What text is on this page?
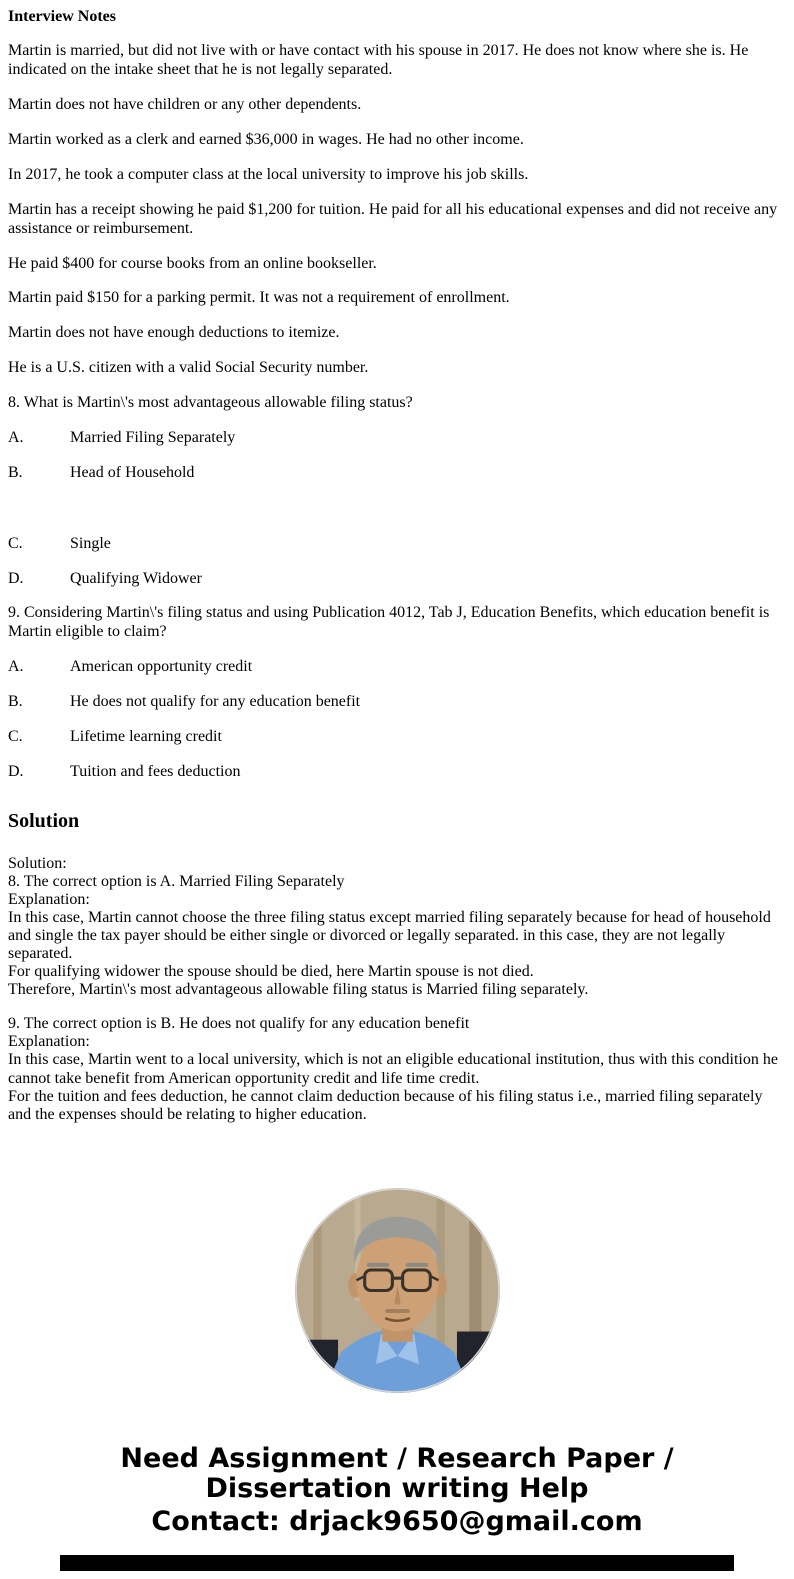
Interview Notes

Martin is married, but did not live with or have contact with his spouse in 2017. He does not know where she is. He indicated on the intake sheet that he is not legally separated.

Martin does not have children or any other dependents.

Martin worked as a clerk and earned $36,000 in wages. He had no other income.

In 2017, he took a computer class at the local university to improve his job skills.

Martin has a receipt showing he paid $1,200 for tuition. He paid for all his educational expenses and did not receive any assistance or reimbursement.

He paid $400 for course books from an online bookseller.

Martin paid $150 for a parking permit. It was not a requirement of enrollment.

Martin does not have enough deductions to itemize.

He is a U.S. citizen with a valid Social Security number.

8. What is Martin\'s most advantageous allowable filing status?

A.	Married Filing Separately

B.	Head of Household

C.	Single

D.	Qualifying Widower

9. Considering Martin\'s filing status and using Publication 4012, Tab J, Education Benefits, which education benefit is Martin eligible to claim?

A.	American opportunity credit

B.	He does not qualify for any education benefit

C.	Lifetime learning credit

D.	Tuition and fees deduction

Solution
Solution:
8. The correct option is A. Married Filing Separately
Explanation:
In this case, Martin cannot choose the three filing status except married filing separately because for head of household and single the tax payer should be either single or divorced or legally separated. in this case, they are not legally separated.
For qualifying widower the spouse should be died, here Martin spouse is not died.
Therefore, Martin\'s most advantageous allowable filing status is Married filing separately.
9. The correct option is B. He does not qualify for any education benefit
Explanation:
In this case, Martin went to a local university, which is not an eligible educational institution, thus with this condition he cannot take benefit from American opportunity credit and life time credit.
For the tuition and fees deduction, he cannot claim deduction because of his filing status i.e., married filing separately and the expenses should be relating to higher education.
Need Assignment / Research Paper / Dissertation writing Help
Contact: drjack9650@gmail.com
